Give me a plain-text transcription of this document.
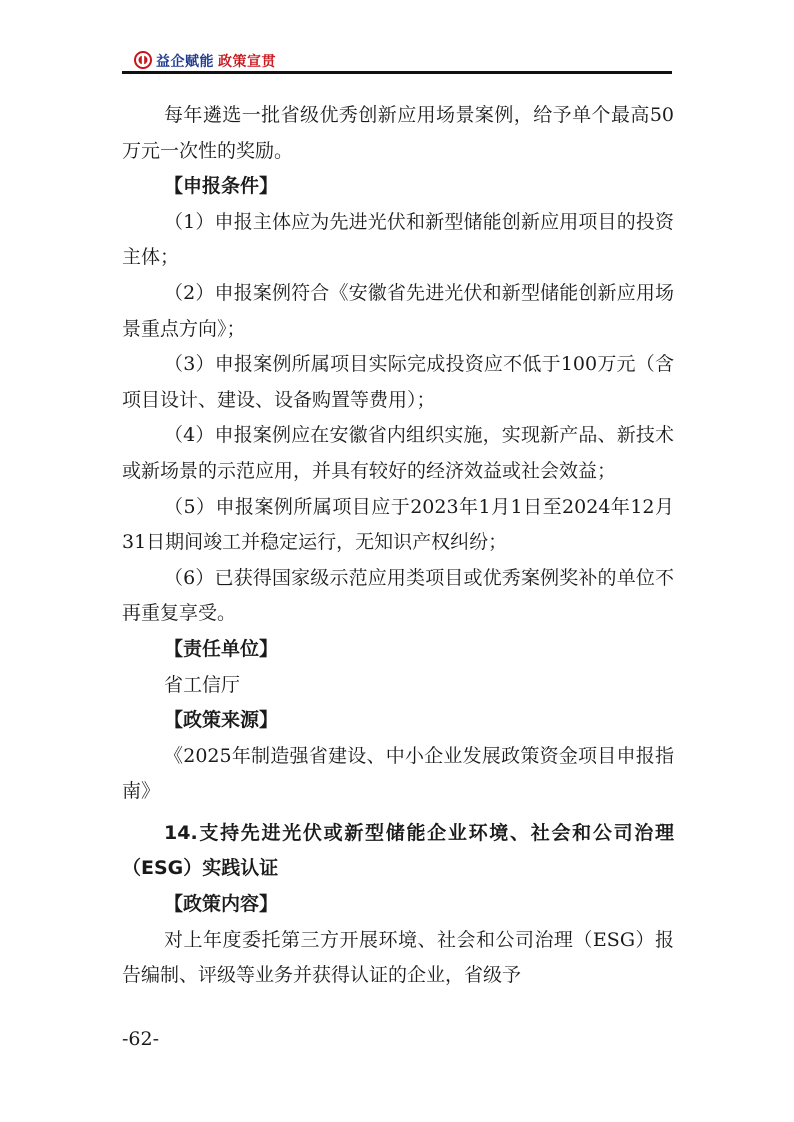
益企赋能 政策宣贯

每年遴选一批省级优秀创新应用场景案例，给予单个最高50万元一次性的奖励。

【申报条件】

（1）申报主体应为先进光伏和新型储能创新应用项目的投资主体；

（2）申报案例符合《安徽省先进光伏和新型储能创新应用场景重点方向》；

（3）申报案例所属项目实际完成投资应不低于100万元（含项目设计、建设、设备购置等费用）；

（4）申报案例应在安徽省内组织实施，实现新产品、新技术或新场景的示范应用，并具有较好的经济效益或社会效益；

（5）申报案例所属项目应于2023年1月1日至2024年12月31日期间竣工并稳定运行，无知识产权纠纷；

（6）已获得国家级示范应用类项目或优秀案例奖补的单位不再重复享受。

【责任单位】

省工信厅

【政策来源】

《2025年制造强省建设、中小企业发展政策资金项目申报指南》

14.支持先进光伏或新型储能企业环境、社会和公司治理（ESG）实践认证

【政策内容】

对上年度委托第三方开展环境、社会和公司治理（ESG）报告编制、评级等业务并获得认证的企业，省级予

-62-
